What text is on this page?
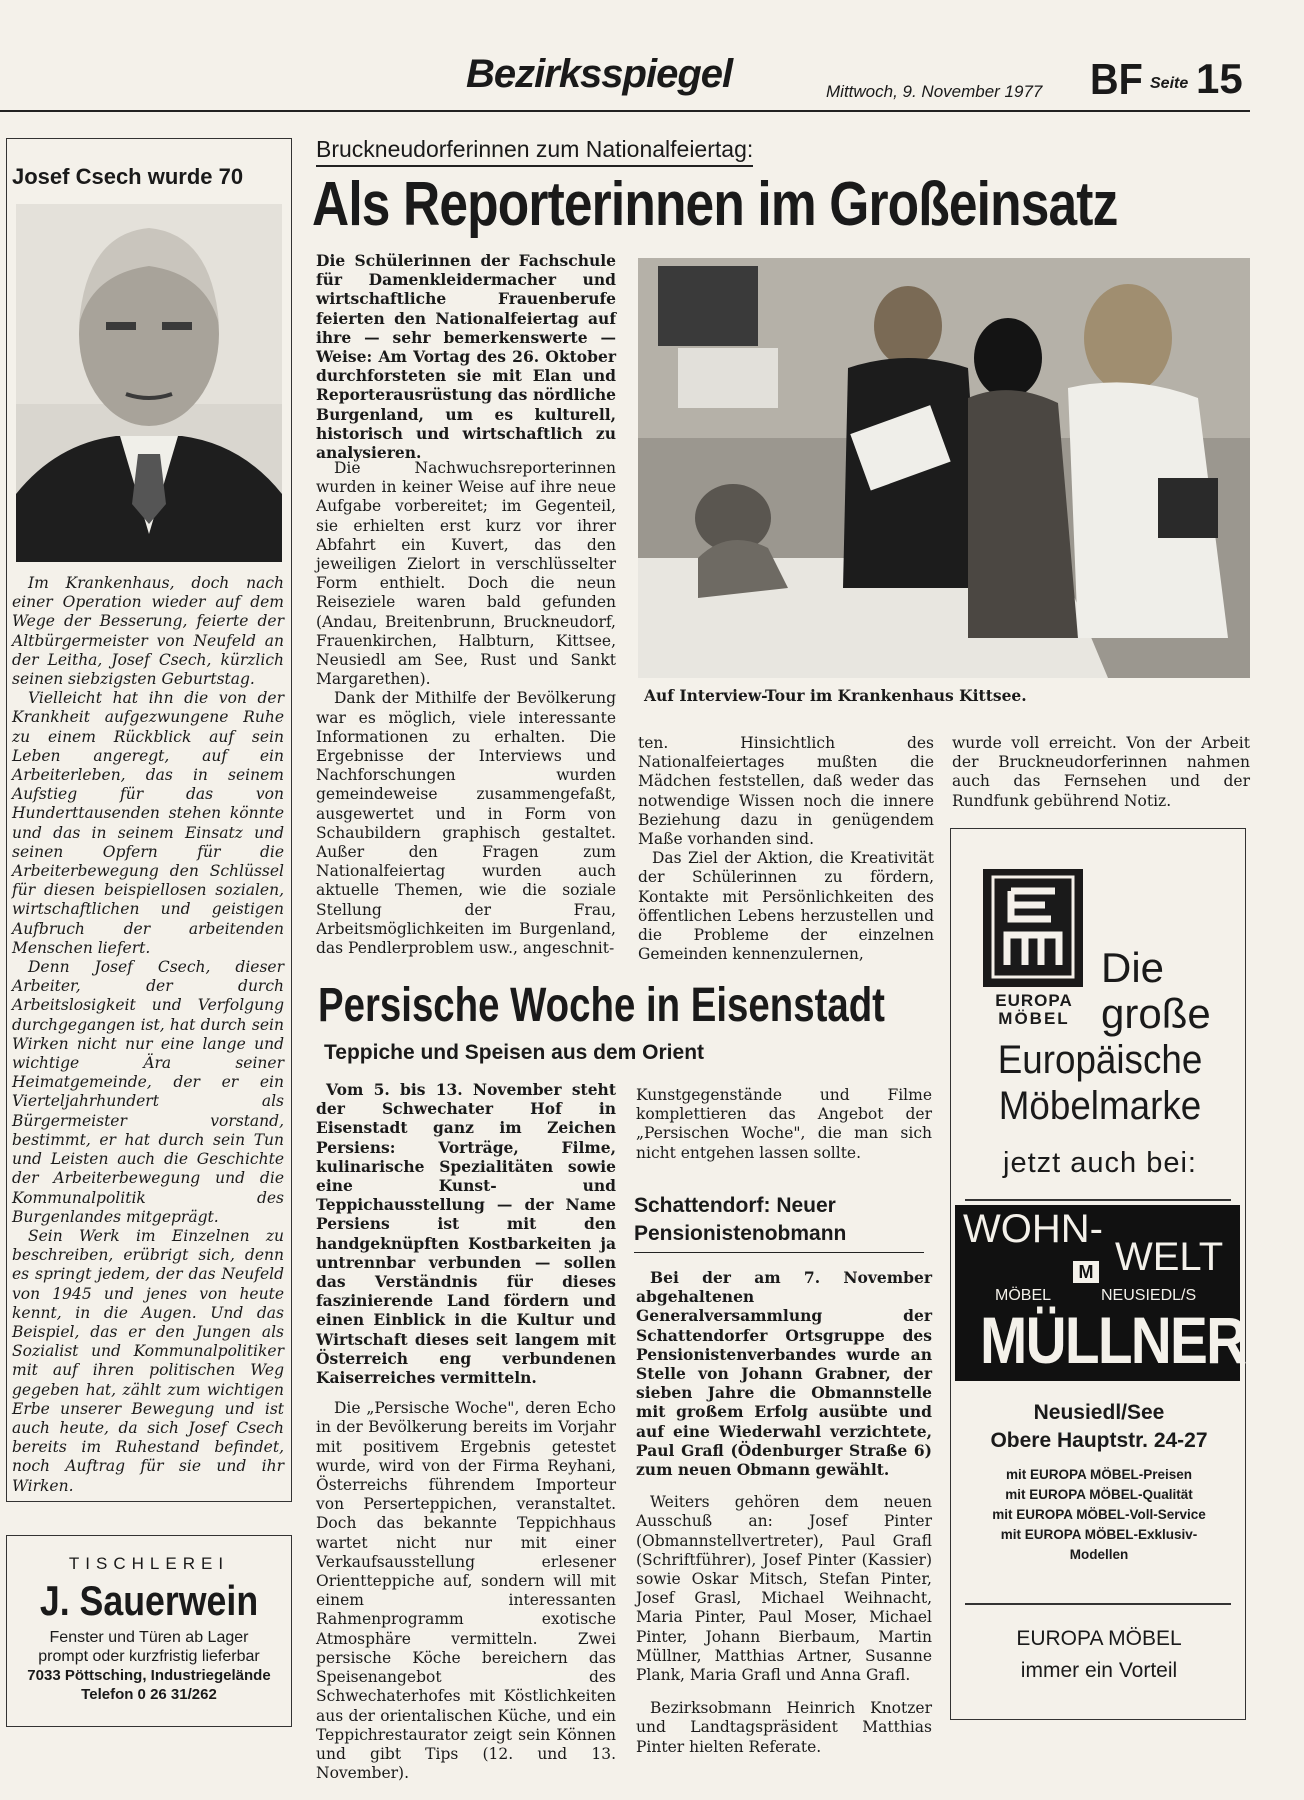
Bezirksspiegel	Mittwoch, 9. November 1977 BF Seite 15
Josef Csech wurde 70

Im Krankenhaus, doch nach einer Operation wieder auf dem Wege der Besserung, feierte der Altbürgermeister von Neufeld an der Leitha, Josef Csech, kürzlich seinen siebzigsten Geburtstag.

Vielleicht hat ihn die von der Krankheit aufgezwungene Ruhe zu einem Rückblick auf sein Leben angeregt, auf ein Arbeiterleben, das in seinem Aufstieg für das von Hunderttausenden stehen könnte und das in seinem Einsatz und seinen Opfern für die Arbeiterbewegung den Schlüssel für diesen beispiellosen sozialen, wirtschaftlichen und geistigen Aufbruch der arbeitenden Menschen liefert.

Denn Josef Csech, dieser Arbeiter, der durch Arbeitslosigkeit und Verfolgung durchgegangen ist, hat durch sein Wirken nicht nur eine lange und wichtige Ära seiner Heimatgemeinde, der er ein Vierteljahrhundert als Bürgermeister vorstand, bestimmt, er hat durch sein Tun und Leisten auch die Geschichte der Arbeiterbewegung und die Kommunalpolitik des Burgenlandes mitgeprägt.

Sein Werk im Einzelnen zu beschreiben, erübrigt sich, denn es springt jedem, der das Neufeld von 1945 und jenes von heute kennt, in die Augen. Und das Beispiel, das er den Jungen als Sozialist und Kommunalpolitiker mit auf ihren politischen Weg gegeben hat, zählt zum wichtigen Erbe unserer Bewegung und ist auch heute, da sich Josef Csech bereits im Ruhestand befindet, noch Auftrag für sie und ihr Wirken.

TISCHLEREI
J. Sauerwein
Fenster und Türen ab Lager
prompt oder kurzfristig lieferbar
7033 Pöttsching, Industriegelände
Telefon 0 26 31/262
Bruckneudorferinnen zum Nationalfeiertag:
Als Reporterinnen im Großeinsatz
Die Schülerinnen der Fachschule für Damenkleidermacher und wirtschaftliche Frauenberufe feierten den Nationalfeiertag auf ihre — sehr bemerkenswerte — Weise: Am Vortag des 26. Oktober durchforsteten sie mit Elan und Reporterausrüstung das nördliche Burgenland, um es kulturell, historisch und wirtschaftlich zu analysieren.

Die Nachwuchsreporterinnen wurden in keiner Weise auf ihre neue Aufgabe vorbereitet; im Gegenteil, sie erhielten erst kurz vor ihrer Abfahrt ein Kuvert, das den jeweiligen Zielort in verschlüsselter Form enthielt. Doch die neun Reiseziele waren bald gefunden (Andau, Breitenbrunn, Bruckneudorf, Frauenkirchen, Halbturn, Kittsee, Neusiedl am See, Rust und Sankt Margarethen).

Dank der Mithilfe der Bevölkerung war es möglich, viele interessante Informationen zu erhalten. Die Ergebnisse der Interviews und Nachforschungen wurden gemeindeweise zusammengefaßt, ausgewertet und in Form von Schaubildern graphisch gestaltet. Außer den Fragen zum Nationalfeiertag wurden auch aktuelle Themen, wie die soziale Stellung der Frau, Arbeitsmöglichkeiten im Burgenland, das Pendlerproblem usw., angeschnit-

Auf Interview-Tour im Krankenhaus Kittsee.

ten. Hinsichtlich des Nationalfeiertages mußten die Mädchen feststellen, daß weder das notwendige Wissen noch die innere Beziehung dazu in genügendem Maße vorhanden sind.

Das Ziel der Aktion, die Kreativität der Schülerinnen zu fördern, Kontakte mit Persönlichkeiten des öffentlichen Lebens herzustellen und die Probleme der einzelnen Gemeinden kennenzulernen,

wurde voll erreicht. Von der Arbeit der Bruckneudorferinnen nahmen auch das Fernsehen und der Rundfunk gebührend Notiz.

Persische Woche in Eisenstadt
Teppiche und Speisen aus dem Orient

Vom 5. bis 13. November steht der Schwechater Hof in Eisenstadt ganz im Zeichen Persiens: Vorträge, Filme, kulinarische Spezialitäten sowie eine Kunst- und Teppichausstellung — der Name Persiens ist mit den handgeknüpften Kostbarkeiten ja untrennbar verbunden — sollen das Verständnis für dieses faszinierende Land fördern und einen Einblick in die Kultur und Wirtschaft dieses seit langem mit Österreich eng verbundenen Kaiserreiches vermitteln.

Die „Persische Woche", deren Echo in der Bevölkerung bereits im Vorjahr mit positivem Ergebnis getestet wurde, wird von der Firma Reyhani, Österreichs führendem Importeur von Perserteppichen, veranstaltet. Doch das bekannte Teppichhaus wartet nicht nur mit einer Verkaufsausstellung erlesener Orientteppiche auf, sondern will mit einem interessanten Rahmenprogramm exotische Atmosphäre vermitteln. Zwei persische Köche bereichern das Speisenangebot des Schwechaterhofes mit Köstlichkeiten aus der orientalischen Küche, und ein Teppichrestaurator zeigt sein Können und gibt Tips (12. und 13. November).

Kunstgegenstände und Filme komplettieren das Angebot der „Persischen Woche", die man sich nicht entgehen lassen sollte.

Schattendorf: Neuer Pensionistenobmann

Bei der am 7. November abgehaltenen Generalversammlung der Schattendorfer Ortsgruppe des Pensionistenverbandes wurde an Stelle von Johann Grabner, der sieben Jahre die Obmannstelle mit großem Erfolg ausübte und auf eine Wiederwahl verzichtete, Paul Grafl (Ödenburger Straße 6) zum neuen Obmann gewählt.

Weiters gehören dem neuen Ausschuß an: Josef Pinter (Obmannstellvertreter), Paul Grafl (Schriftführer), Josef Pinter (Kassier) sowie Oskar Mitsch, Stefan Pinter, Josef Grasl, Michael Weihnacht, Maria Pinter, Paul Moser, Michael Pinter, Johann Bierbaum, Martin Müllner, Matthias Artner, Susanne Plank, Maria Grafl und Anna Grafl.

Bezirksobmann Heinrich Knotzer und Landtagspräsident Matthias Pinter hielten Referate.

EUROPA
MÖBEL
Die
große
Europäische
Möbelmarke
jetzt auch bei:
WOHN-
WELT
M
MÖBEL	NEUSIEDL/S
MÜLLNER
Neusiedl/See
Obere Hauptstr. 24-27
mit EUROPA MÖBEL-Preisen
mit EUROPA MÖBEL-Qualität
mit EUROPA MÖBEL-Voll-Service
mit EUROPA MÖBEL-Exklusiv-
Modellen
EUROPA MÖBEL
immer ein Vorteil
